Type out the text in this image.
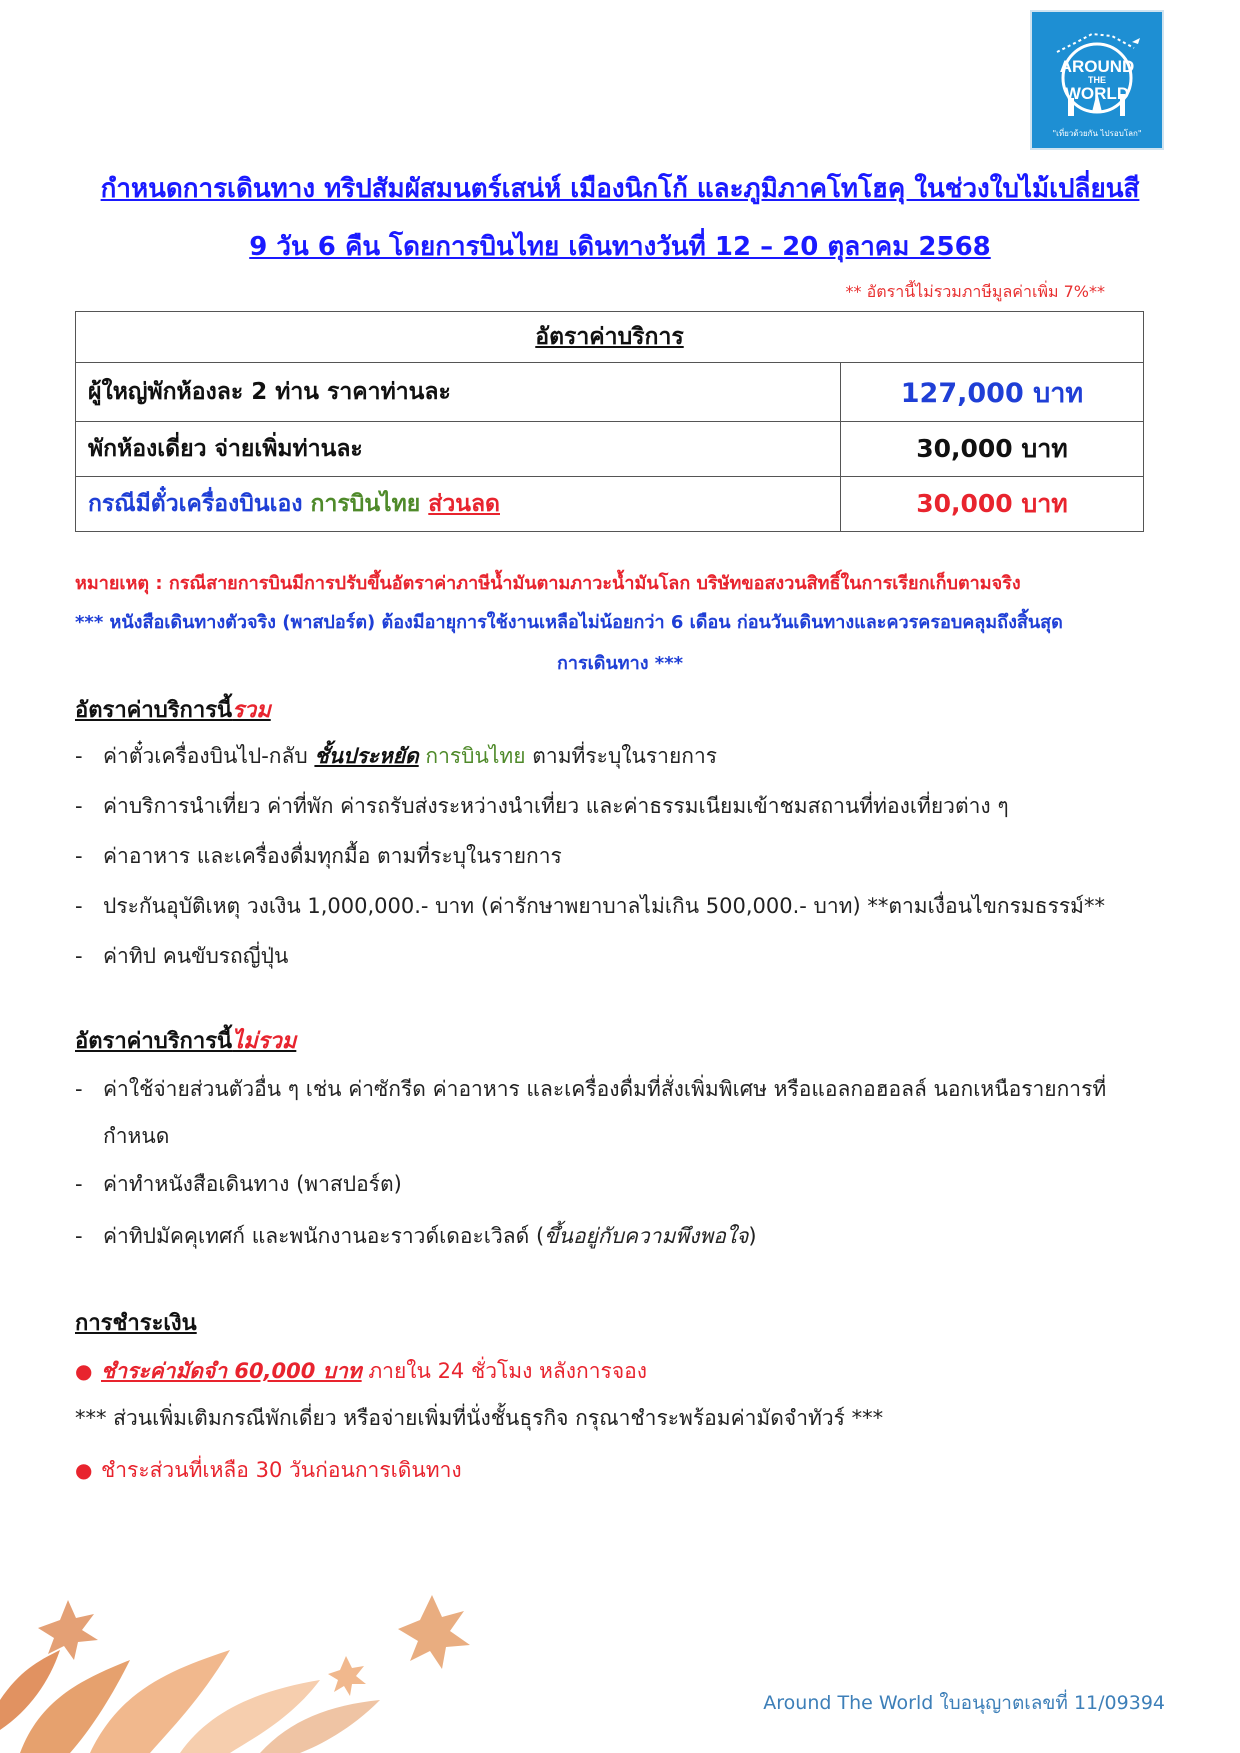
AROUND
THE
WORLD
"เที่ยวด้วยกัน ไปรอบโลก"
กำหนดการเดินทาง ทริปสัมผัสมนตร์เสน่ห์ เมืองนิกโก้ และภูมิภาคโทโฮคุ ในช่วงใบไม้เปลี่ยนสี
9 วัน 6 คืน โดยการบินไทย เดินทางวันที่ 12 – 20 ตุลาคม 2568
** อัตรานี้ไม่รวมภาษีมูลค่าเพิ่ม 7%**
อัตราค่าบริการ	
ผู้ใหญ่พักห้องละ 2 ท่าน ราคาท่านละ	127,000 บาท
พักห้องเดี่ยว จ่ายเพิ่มท่านละ	30,000 บาท
กรณีมีตั๋วเครื่องบินเอง การบินไทย ส่วนลด	30,000 บาท
หมายเหตุ : กรณีสายการบินมีการปรับขึ้นอัตราค่าภาษีน้ำมันตามภาวะน้ำมันโลก บริษัทขอสงวนสิทธิ์ในการเรียกเก็บตามจริง
*** หนังสือเดินทางตัวจริง (พาสปอร์ต) ต้องมีอายุการใช้งานเหลือไม่น้อยกว่า 6 เดือน ก่อนวันเดินทางและควรครอบคลุมถึงสิ้นสุด
การเดินทาง ***
อัตราค่าบริการนี้รวม
- ค่าตั๋วเครื่องบินไป-กลับ ชั้นประหยัด การบินไทย ตามที่ระบุในรายการ
- ค่าบริการนำเที่ยว ค่าที่พัก ค่ารถรับส่งระหว่างนำเที่ยว และค่าธรรมเนียมเข้าชมสถานที่ท่องเที่ยวต่าง ๆ
- ค่าอาหาร และเครื่องดื่มทุกมื้อ ตามที่ระบุในรายการ
- ประกันอุบัติเหตุ วงเงิน 1,000,000.- บาท (ค่ารักษาพยาบาลไม่เกิน 500,000.- บาท) **ตามเงื่อนไขกรมธรรม์**
- ค่าทิป คนขับรถญี่ปุ่น
อัตราค่าบริการนี้ไม่รวม
- ค่าใช้จ่ายส่วนตัวอื่น ๆ เช่น ค่าซักรีด ค่าอาหาร และเครื่องดื่มที่สั่งเพิ่มพิเศษ หรือแอลกอฮอลล์ นอกเหนือรายการที่
กำหนด
- ค่าทำหนังสือเดินทาง (พาสปอร์ต)
- ค่าทิปมัคคุเทศก์ และพนักงานอะราวด์เดอะเวิลด์ (ขึ้นอยู่กับความพึงพอใจ)
การชำระเงิน
● ชำระค่ามัดจำ 60,000 บาท ภายใน 24 ชั่วโมง หลังการจอง
*** ส่วนเพิ่มเติมกรณีพักเดี่ยว หรือจ่ายเพิ่มที่นั่งชั้นธุรกิจ กรุณาชำระพร้อมค่ามัดจำทัวร์ ***
● ชำระส่วนที่เหลือ 30 วันก่อนการเดินทาง
Around The World ใบอนุญาตเลขที่ 11/09394
